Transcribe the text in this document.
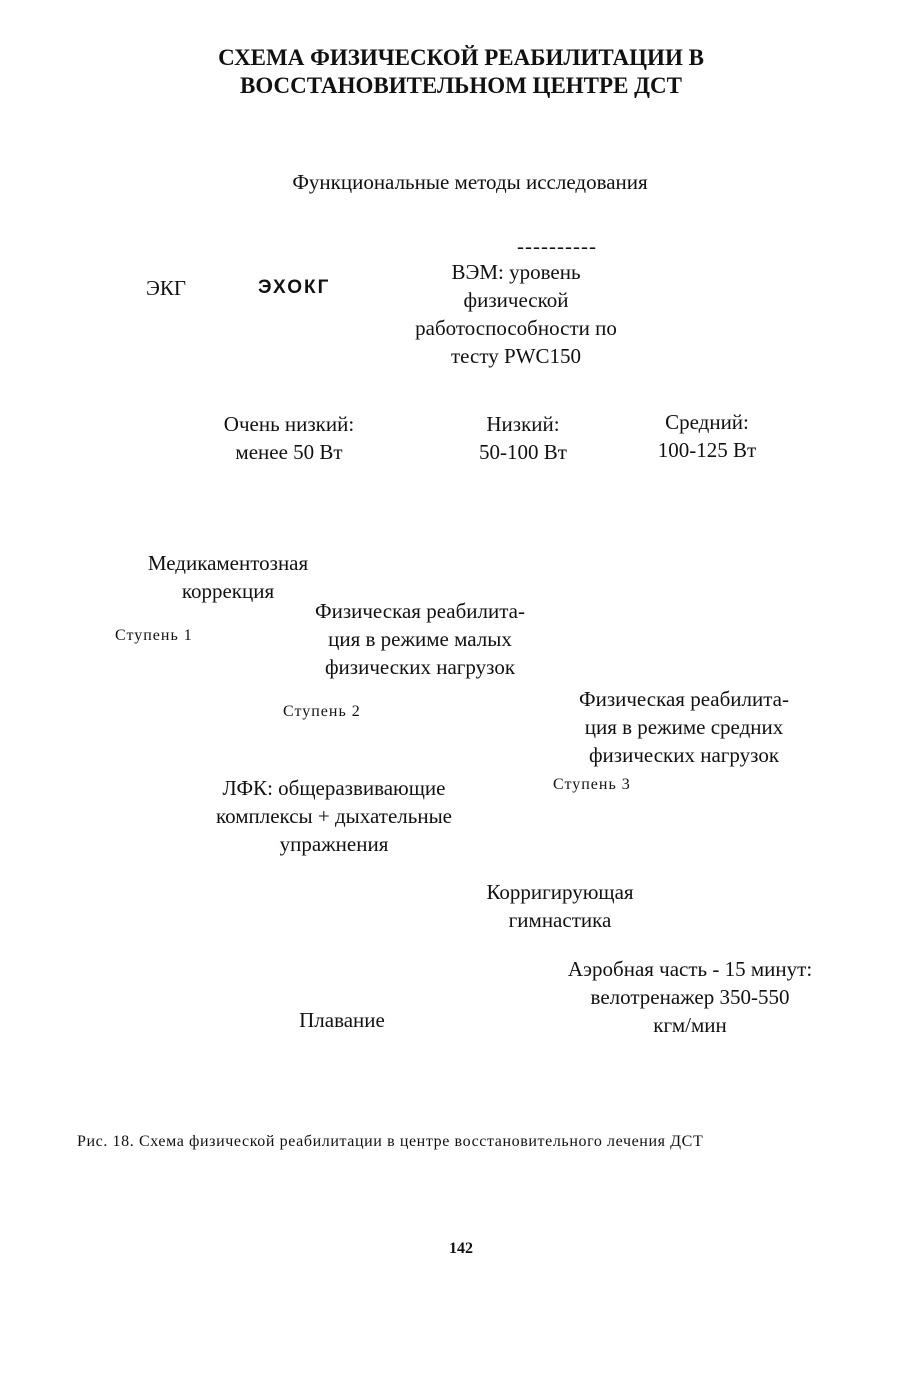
СХЕМА ФИЗИЧЕСКОЙ РЕАБИЛИТАЦИИ В
ВОССТАНОВИТЕЛЬНОМ ЦЕНТРЕ ДСТ
Функциональные методы исследования
----------
ЭКГ	ЭХОКГ
ВЭМ: уровень
физической
работоспособности по
тесту PWC150
Очень низкий:
менее 50 Вт
Низкий:
50-100 Вт
Средний:
100-125 Вт
Медикаментозная
коррекция
Ступень 1
Физическая реабилита-
ция в режиме малых
физических нагрузок
Ступень 2
Физическая реабилита-
ция в режиме средних
физических нагрузок
ЛФК: общеразвивающие
комплексы + дыхательные
упражнения
Ступень 3
Корригирующая
гимнастика
Аэробная часть - 15 минут:
велотренажер 350-550
кгм/мин
Плавание
Рис. 18. Схема физической реабилитации в центре восстановительного лечения ДСТ
142
